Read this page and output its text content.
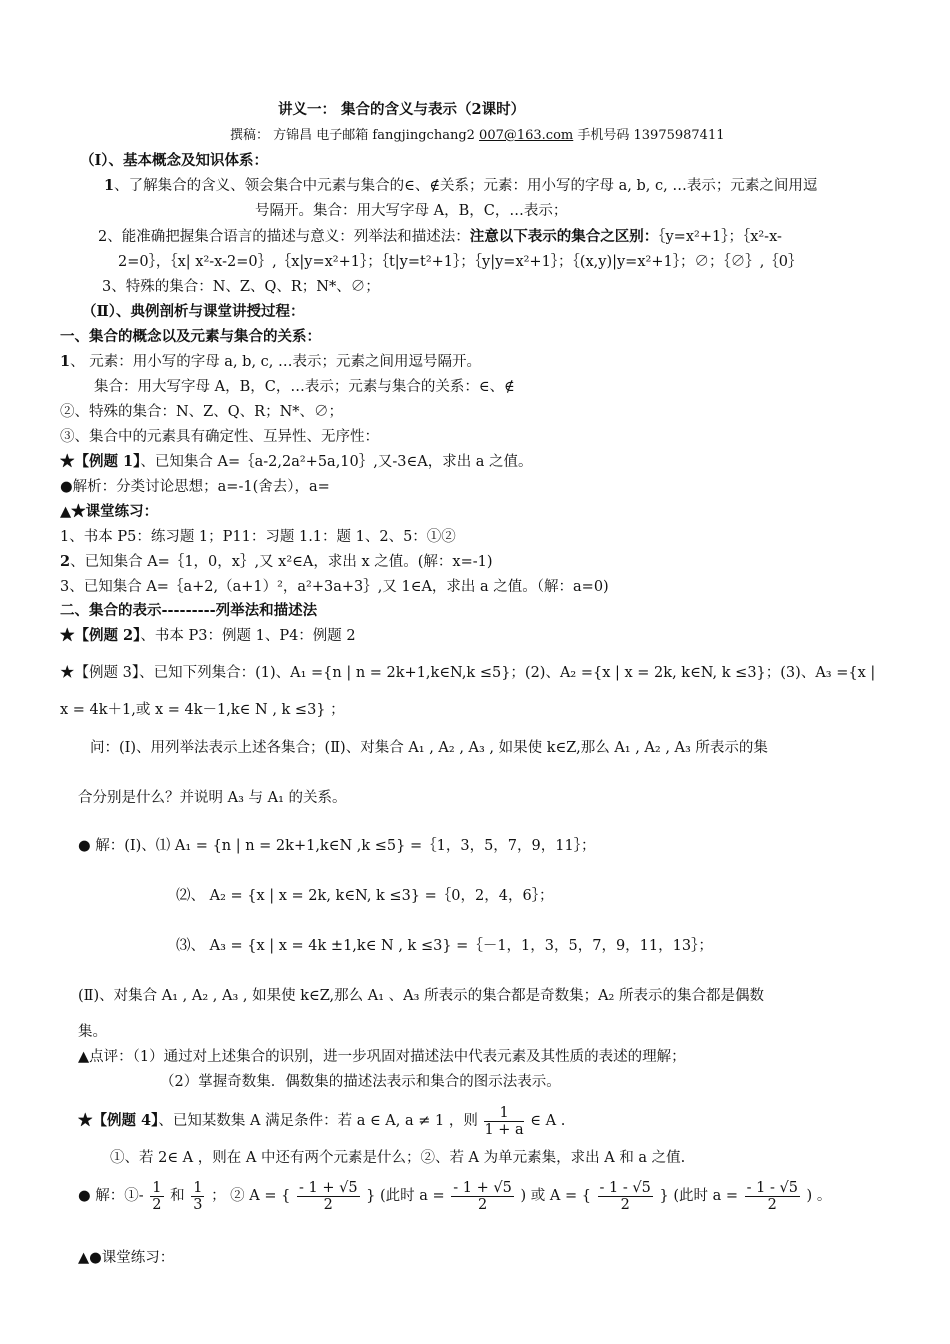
讲义一： 集合的含义与表示（2课时）
撰稿： 方锦昌 电子邮箱 fangjingchang2 007@163.com 手机号码 13975987411
（Ⅰ）、基本概念及知识体系：
1、了解集合的含义、领会集合中元素与集合的∈、∉关系；元素：用小写的字母 a, b, c, …表示；元素之间用逗
号隔开。集合：用大写字母 A，B，C，…表示；
2、能准确把握集合语言的描述与意义：列举法和描述法：注意以下表示的集合之区别：｛y=x²+1｝；｛x²-x-
2=0｝，｛x| x²-x-2=0｝,｛x|y=x²+1｝；｛t|y=t²+1｝；｛y|y=x²+1｝；｛(x,y)|y=x²+1｝；∅；｛∅｝,｛0｝
3、特殊的集合：N、Z、Q、R；N*、∅；
（Ⅱ）、典例剖析与课堂讲授过程：
一、集合的概念以及元素与集合的关系：
1、 元素：用小写的字母 a, b, c, …表示；元素之间用逗号隔开。
集合：用大写字母 A，B，C，…表示；元素与集合的关系：∈、∉
②、特殊的集合：N、Z、Q、R；N*、∅；
③、集合中的元素具有确定性、互异性、无序性：
★【例题 1】、已知集合 A=｛a-2,2a²+5a,10｝,又-3∈A，求出 a 之值。
●解析：分类讨论思想；a=-1(舍去），a=
▲★课堂练习：
1、书本 P5：练习题 1；P11：习题 1.1：题 1、2、5：①②
2、已知集合 A=｛1，0，x｝,又 x²∈A，求出 x 之值。(解：x=-1)
3、已知集合 A=｛a+2,（a+1）²，a²+3a+3｝,又 1∈A，求出 a 之值。（解：a=0)
二、集合的表示---------列举法和描述法
★【例题 2】、书本 P3：例题 1、P4：例题 2
★【例题 3】、已知下列集合：(1)、A₁ ={n | n = 2k+1,k∈N,k ≤5}；(2)、A₂ ={x | x = 2k, k∈N, k ≤3}；(3)、A₃ ={x |
x = 4k＋1,或 x = 4k－1,k∈ N , k ≤3} ；
问：(Ⅰ)、用列举法表示上述各集合；(Ⅱ)、对集合 A₁ , A₂ , A₃ , 如果使 k∈Z,那么 A₁ , A₂ , A₃ 所表示的集
合分别是什么？并说明 A₃ 与 A₁ 的关系。
● 解：(Ⅰ)、⑴ A₁ = {n | n = 2k+1,k∈N ,k ≤5} =｛1，3，5，7，9，11｝；
⑵、 A₂ = {x | x = 2k, k∈N, k ≤3} =｛0，2，4，6｝；
⑶、 A₃ = {x | x = 4k ±1,k∈ N , k ≤3} =｛－1，1，3，5，7，9，11，13｝；
(Ⅱ)、对集合 A₁ , A₂ , A₃ , 如果使 k∈Z,那么 A₁ 、A₃ 所表示的集合都是奇数集；A₂ 所表示的集合都是偶数
集。
▲点评：（1）通过对上述集合的识别，进一步巩固对描述法中代表元素及其性质的表述的理解；
（2）掌握奇数集．偶数集的描述法表示和集合的图示法表示。
★【例题 4】、已知某数集 A 满足条件：若 a ∈ A, a ≠ 1 ，则 $\frac{1}{1 + a}$ ∈ A .
①、若 2∈ A ，则在 A 中还有两个元素是什么；②、若 A 为单元素集，求出 A 和 a 之值.
● 解：①- $\frac{1}{2}$ 和 $\frac{1}{3}$ ； ② A = { $\frac{- 1 + √5}{2}$ } (此时 $a = \frac{- 1 + √5}{2}$ ) 或 A = { $\frac{- 1 - √5}{2}$ } (此时 $a = \frac{- 1 - √5}{2}$ ) 。
▲●课堂练习：
